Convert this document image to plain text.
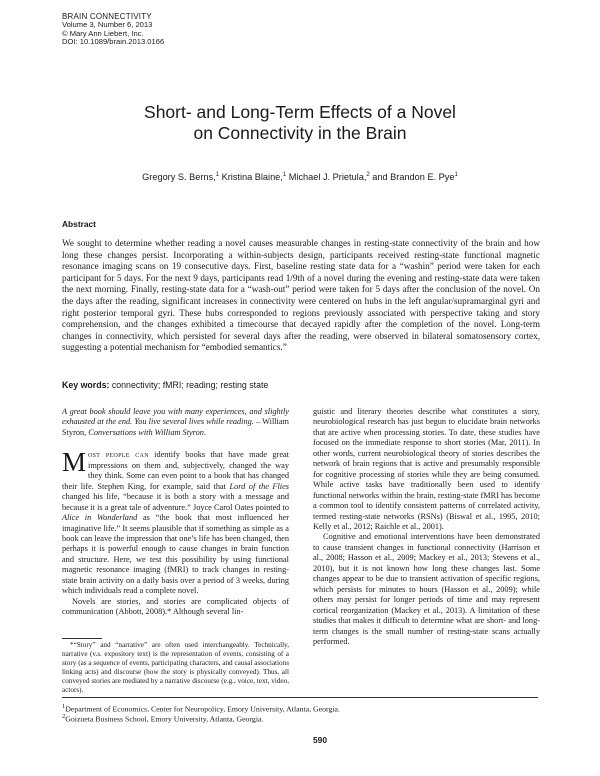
BRAIN CONNECTIVITY
Volume 3, Number 6, 2013
© Mary Ann Liebert, Inc.
DOI: 10.1089/brain.2013.0166
Short- and Long-Term Effects of a Novel
on Connectivity in the Brain
Gregory S. Berns,$^1$ Kristina Blaine,$^1$ Michael J. Prietula,$^2$ and Brandon E. Pye$^1$
Abstract

We sought to determine whether reading a novel causes measurable changes in resting-state connectivity of the brain and how long these changes persist. Incorporating a within-subjects design, participants received resting-state functional magnetic resonance imaging scans on 19 consecutive days. First, baseline resting state data for a “washin” period were taken for each participant for 5 days. For the next 9 days, participants read 1/9th of a novel during the evening and resting-state data were taken the next morning. Finally, resting-state data for a “wash-out” period were taken for 5 days after the conclusion of the novel. On the days after the reading, significant increases in connectivity were centered on hubs in the left angular/supramarginal gyri and right posterior temporal gyri. These hubs corresponded to regions previously associated with perspective taking and story comprehension, and the changes exhibited a timecourse that decayed rapidly after the completion of the novel. Long-term changes in connectivity, which persisted for several days after the reading, were observed in bilateral somatosensory cortex, suggesting a potential mechanism for “embodied semantics.”

Key words: connectivity; fMRI; reading; resting state

A great book should leave you with many experiences, and slightly exhausted at the end. You live several lives while reading. – William Styron, Conversations with William Styron.

Most people can identify books that have made great impressions on them and, subjectively, changed the way they think. Some can even point to a book that has changed their life. Stephen King, for example, said that Lord of the Flies changed his life, “because it is both a story with a message and because it is a great tale of adventure.” Joyce Carol Oates pointed to Alice in Wonderland as “the book that most influenced her imaginative life.” It seems plausible that if something as simple as a book can leave the impression that one’s life has been changed, then perhaps it is powerful enough to cause changes in brain function and structure. Here, we test this possibility by using functional magnetic resonance imaging (fMRI) to track changes in resting-state brain activity on a daily basis over a period of 3 weeks, during which individuals read a complete novel.

Novels are stories, and stories are complicated objects of communication (Abbott, 2008).* Although several lin-

*“Story” and “narrative” are often used interchangeably. Technically, narrative (v.s. expository text) is the representation of events, consisting of a story (as a sequence of events, participating characters, and causal associations linking acts) and discourse (how the story is physically conveyed). Thus, all conveyed stories are mediated by a narrative discourse (e.g., voice, text, video, actors).

guistic and literary theories describe what constitutes a story, neurobiological research has just begun to elucidate brain networks that are active when processing stories. To date, these studies have focused on the immediate response to short stories (Mar, 2011). In other words, current neurobiological theory of stories describes the network of brain regions that is active and presumably responsible for cognitive processing of stories while they are being consumed. While active tasks have traditionally been used to identify functional networks within the brain, resting-state fMRI has become a common tool to identify consistent patterns of correlated activity, termed resting-state networks (RSNs) (Biswal et al., 1995, 2010; Kelly et al., 2012; Raichle et al., 2001).

Cognitive and emotional interventions have been demonstrated to cause transient changes in functional connectivity (Harrison et al., 2008; Hasson et al., 2009; Mackey et al., 2013; Stevens et al., 2010), but it is not known how long these changes last. Some changes appear to be due to transient activation of specific regions, which persists for minutes to hours (Hasson et al., 2009); while others may persist for longer periods of time and may represent cortical reorganization (Mackey et al., 2013). A limitation of these studies that makes it difficult to determine what are short- and long-term changes is the small number of resting-state scans actually performed.

$^1$Department of Economics, Center for Neuropolicy, Emory University, Atlanta, Georgia.
$^2$Goizueta Business School, Emory University, Atlanta, Georgia.
590
